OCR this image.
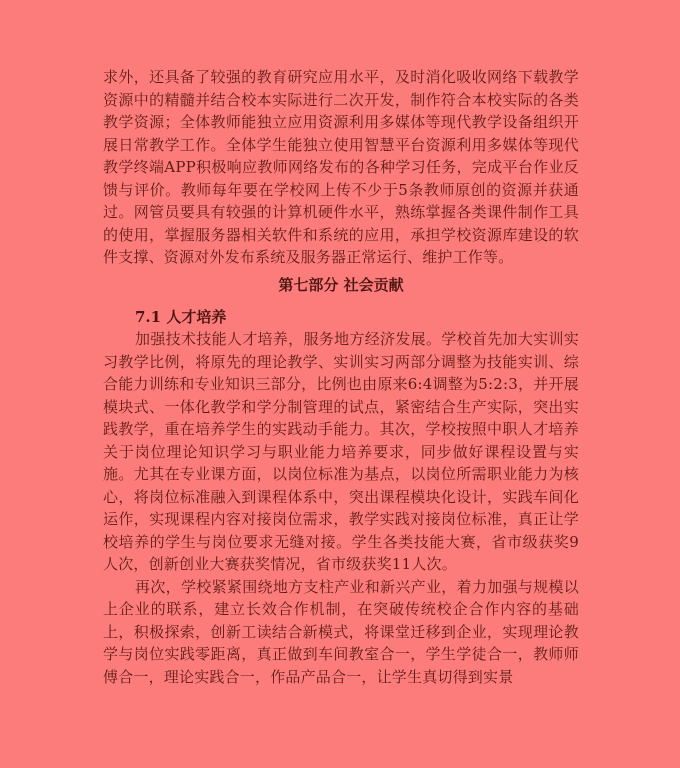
求外，还具备了较强的教育研究应用水平，及时消化吸收网络下载教学资源中的精髓并结合校本实际进行二次开发，制作符合本校实际的各类教学资源；全体教师能独立应用资源利用多媒体等现代教学设备组织开展日常教学工作。全体学生能独立使用智慧平台资源利用多媒体等现代教学终端APP积极响应教师网络发布的各种学习任务，完成平台作业反馈与评价。教师每年要在学校网上传不少于5条教师原创的资源并获通过。网管员要具有较强的计算机硬件水平，熟练掌握各类课件制作工具的使用，掌握服务器相关软件和系统的应用，承担学校资源库建设的软件支撑、资源对外发布系统及服务器正常运行、维护工作等。

第七部分 社会贡献
7.1 人才培养

加强技术技能人才培养，服务地方经济发展。学校首先加大实训实习教学比例，将原先的理论教学、实训实习两部分调整为技能实训、综合能力训练和专业知识三部分，比例也由原来6:4调整为5:2:3，并开展模块式、一体化教学和学分制管理的试点，紧密结合生产实际，突出实践教学，重在培养学生的实践动手能力。其次，学校按照中职人才培养关于岗位理论知识学习与职业能力培养要求，同步做好课程设置与实施。尤其在专业课方面，以岗位标准为基点，以岗位所需职业能力为核心，将岗位标准融入到课程体系中，突出课程模块化设计，实践车间化运作，实现课程内容对接岗位需求，教学实践对接岗位标准，真正让学校培养的学生与岗位要求无缝对接。学生各类技能大赛，省市级获奖9人次，创新创业大赛获奖情况，省市级获奖11人次。

再次，学校紧紧围绕地方支柱产业和新兴产业，着力加强与规模以上企业的联系，建立长效合作机制，在突破传统校企合作内容的基础上，积极探索，创新工读结合新模式，将课堂迁移到企业，实现理论教学与岗位实践零距离，真正做到车间教室合一，学生学徒合一，教师师傅合一，理论实践合一，作品产品合一，让学生真切得到实景
